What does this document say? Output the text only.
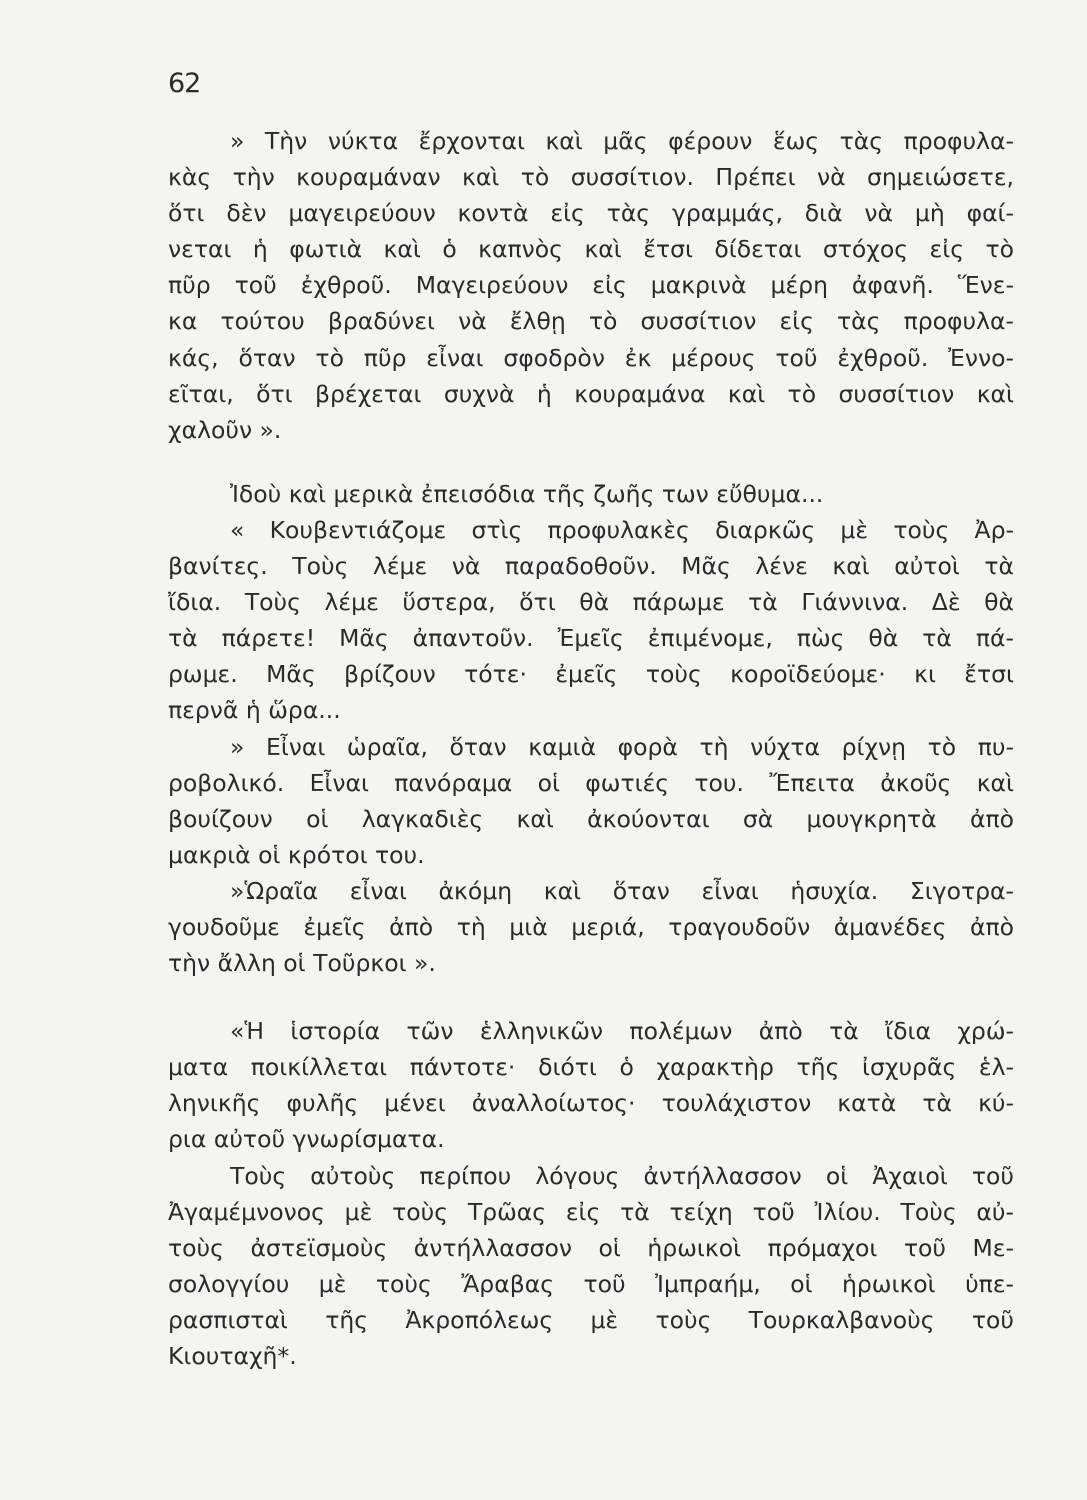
62
» Τὴν νύκτα ἔρχονται καὶ μᾶς φέρουν ἕως τὰς προφυλα-
κὰς τὴν κουραμάναν καὶ τὸ συσσίτιον. Πρέπει νὰ σημειώσετε,
ὅτι δὲν μαγειρεύουν κοντὰ εἰς τὰς γραμμάς, διὰ νὰ μὴ φαί-
νεται ἡ φωτιὰ καὶ ὁ καπνὸς καὶ ἔτσι δίδεται στόχος εἰς τὸ
πῦρ τοῦ ἐχθροῦ. Μαγειρεύουν εἰς μακρινὰ μέρη ἀφανῆ. Ἕνε-
κα τούτου βραδύνει νὰ ἔλθῃ τὸ συσσίτιον εἰς τὰς προφυλα-
κάς, ὅταν τὸ πῦρ εἶναι σφοδρὸν ἐκ μέρους τοῦ ἐχθροῦ. Ἐννο-
εῖται, ὅτι βρέχεται συχνὰ ἡ κουραμάνα καὶ τὸ συσσίτιον καὶ
χαλοῦν ».
Ἰδοὺ καὶ μερικὰ ἐπεισόδια τῆς ζωῆς των εὔθυμα...
« Κουβεντιάζομε στὶς προφυλακὲς διαρκῶς μὲ τοὺς Ἀρ-
βανίτες. Τοὺς λέμε νὰ παραδοθοῦν. Μᾶς λένε καὶ αὐτοὶ τὰ
ἴδια. Τοὺς λέμε ὕστερα, ὅτι θὰ πάρωμε τὰ Γιάννινα. Δὲ θὰ
τὰ πάρετε! Μᾶς ἀπαντοῦν. Ἐμεῖς ἐπιμένομε, πὼς θὰ τὰ πά-
ρωμε. Μᾶς βρίζουν τότε· ἐμεῖς τοὺς κοροϊδεύομε· κι ἔτσι
περνᾶ ἡ ὥρα...
» Εἶναι ὡραῖα, ὅταν καμιὰ φορὰ τὴ νύχτα ρίχνῃ τὸ πυ-
ροβολικό. Εἶναι πανόραμα οἱ φωτιές του. Ἔπειτα ἀκοῦς καὶ
βουίζουν οἱ λαγκαδιὲς καὶ ἀκούονται σὰ μουγκρητὰ ἀπὸ
μακριὰ οἱ κρότοι του.
»Ὡραῖα εἶναι ἀκόμη καὶ ὅταν εἶναι ἡσυχία. Σιγοτρα-
γουδοῦμε ἐμεῖς ἀπὸ τὴ μιὰ μεριά, τραγουδοῦν ἀμανέδες ἀπὸ
τὴν ἄλλη οἱ Τοῦρκοι ».
«Ἡ ἱστορία τῶν ἑλληνικῶν πολέμων ἀπὸ τὰ ἴδια χρώ-
ματα ποικίλλεται πάντοτε· διότι ὁ χαρακτὴρ τῆς ἰσχυρᾶς ἑλ-
ληνικῆς φυλῆς μένει ἀναλλοίωτος· τουλάχιστον κατὰ τὰ κύ-
ρια αὐτοῦ γνωρίσματα.
Τοὺς αὐτοὺς περίπου λόγους ἀντήλλασσον οἱ Ἀχαιοὶ τοῦ
Ἀγαμέμνονος μὲ τοὺς Τρῶας εἰς τὰ τείχη τοῦ Ἰλίου. Τοὺς αὐ-
τοὺς ἀστεϊσμοὺς ἀντήλλασσον οἱ ἡρωικοὶ πρόμαχοι τοῦ Με-
σολογγίου μὲ τοὺς Ἄραβας τοῦ Ἰμπραήμ, οἱ ἡρωικοὶ ὑπε-
ρασπισταὶ τῆς Ἀκροπόλεως μὲ τοὺς Τουρκαλβανοὺς τοῦ
Κιουταχῆ*.
